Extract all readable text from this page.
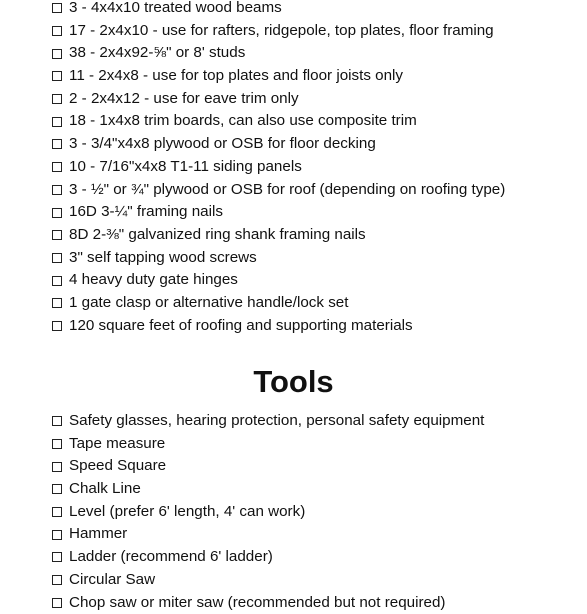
3 - 4x4x10 treated wood beams
17 - 2x4x10 - use for rafters, ridgepole, top plates, floor framing
38 - 2x4x92-⅝" or 8' studs
11 - 2x4x8 - use for top plates and floor joists only
2 - 2x4x12 - use for eave trim only
18 - 1x4x8 trim boards, can also use composite trim
3 - 3/4"x4x8 plywood or OSB for floor decking
10 - 7/16"x4x8 T1-11 siding panels
3 - ½" or ¾" plywood or OSB for roof (depending on roofing type)
16D 3-¼" framing nails
8D 2-⅜" galvanized ring shank framing nails
3" self tapping wood screws
4 heavy duty gate hinges
1 gate clasp or alternative handle/lock set
120 square feet of roofing and supporting materials
Tools
Safety glasses, hearing protection, personal safety equipment
Tape measure
Speed Square
Chalk Line
Level (prefer 6' length, 4' can work)
Hammer
Ladder (recommend 6' ladder)
Circular Saw
Chop saw or miter saw (recommended but not required)
